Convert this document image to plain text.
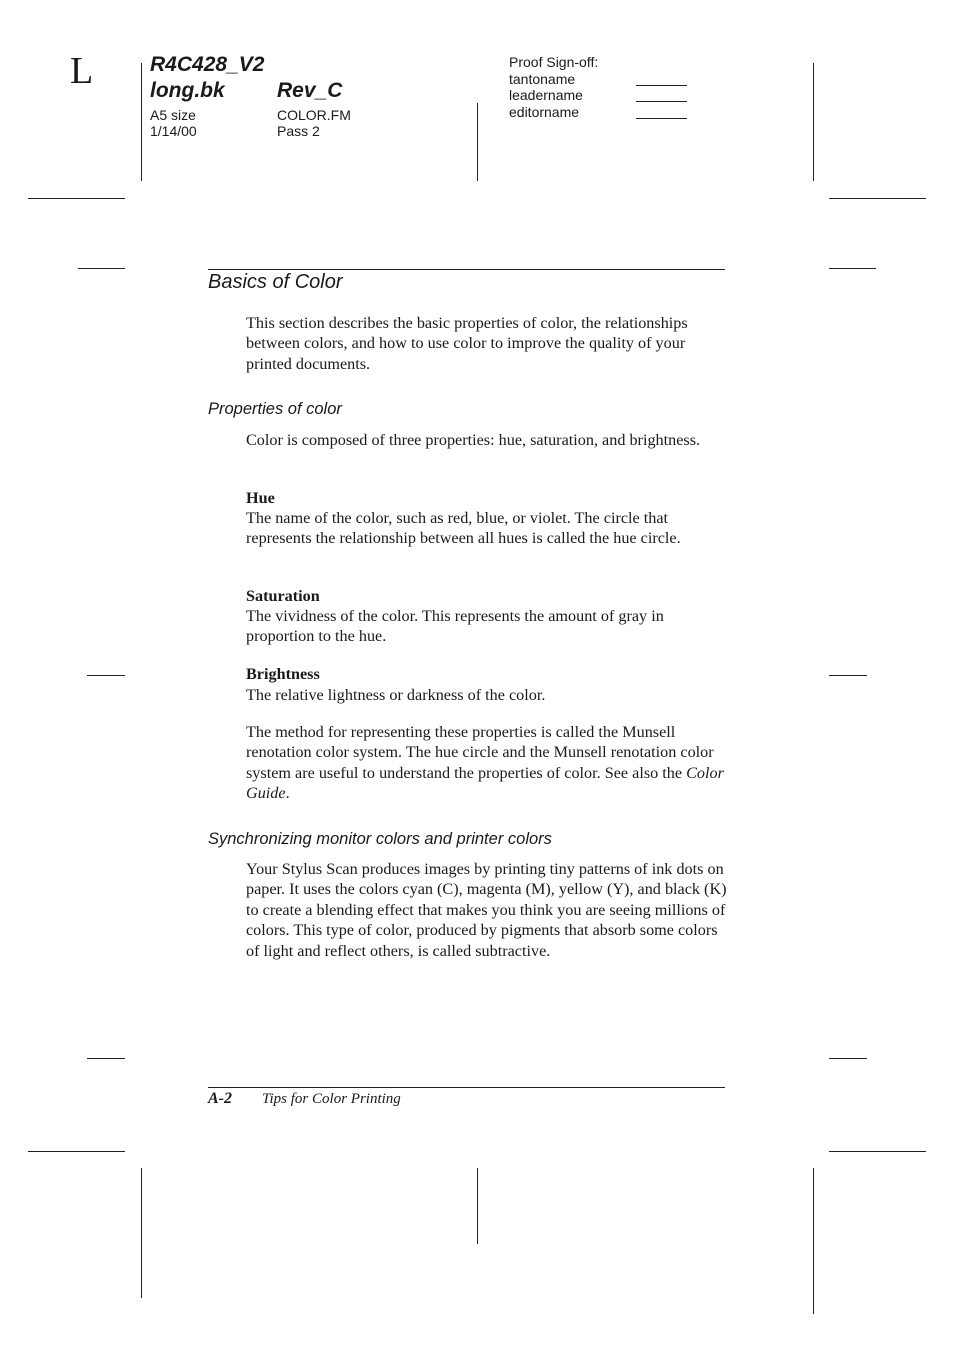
L	R4C428_V2
long.bk Rev_C
A5 size
1/14/00
COLOR.FM
Pass 2
Proof Sign-off:
tantoname
leadername
editorname
Basics of Color

This section describes the basic properties of color, the relationships between colors, and how to use color to improve the quality of your printed documents.

Properties of color

Color is composed of three properties: hue, saturation, and brightness.

Hue

The name of the color, such as red, blue, or violet. The circle that represents the relationship between all hues is called the hue circle.

Saturation

The vividness of the color. This represents the amount of gray in proportion to the hue.

Brightness

The relative lightness or darkness of the color.

The method for representing these properties is called the Munsell renotation color system. The hue circle and the Munsell renotation color system are useful to understand the properties of color. See also the Color Guide.

Synchronizing monitor colors and printer colors

Your Stylus Scan produces images by printing tiny patterns of ink dots on paper. It uses the colors cyan (C), magenta (M), yellow (Y), and black (K) to create a blending effect that makes you think you are seeing millions of colors. This type of color, produced by pigments that absorb some colors of light and reflect others, is called subtractive.

A-2 Tips for Color Printing
